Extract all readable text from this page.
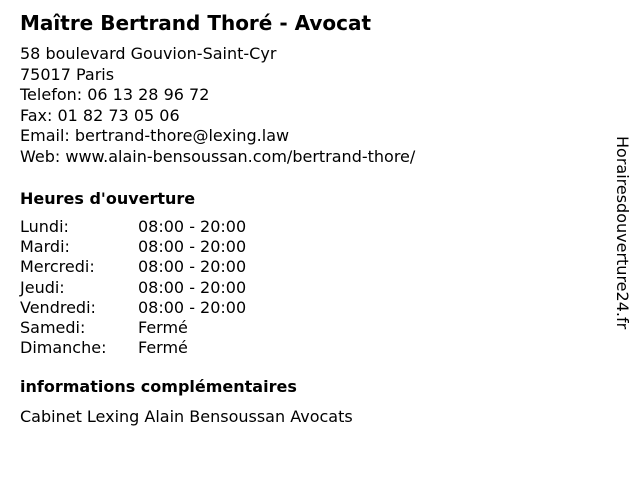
Maître Bertrand Thoré - Avocat
58 boulevard Gouvion-Saint-Cyr
75017 Paris
Telefon: 06 13 28 96 72
Fax: 01 82 73 05 06
Email: bertrand-thore@lexing.law
Web: www.alain-bensoussan.com/bertrand-thore/
Heures d'ouverture
Lundi:	08:00 - 20:00
Mardi:	08:00 - 20:00
Mercredi:	08:00 - 20:00
Jeudi:	08:00 - 20:00
Vendredi:	08:00 - 20:00
Samedi:	Fermé
Dimanche:	Fermé
informations complémentaires
Cabinet Lexing Alain Bensoussan Avocats
Horairesdouverture24.fr
